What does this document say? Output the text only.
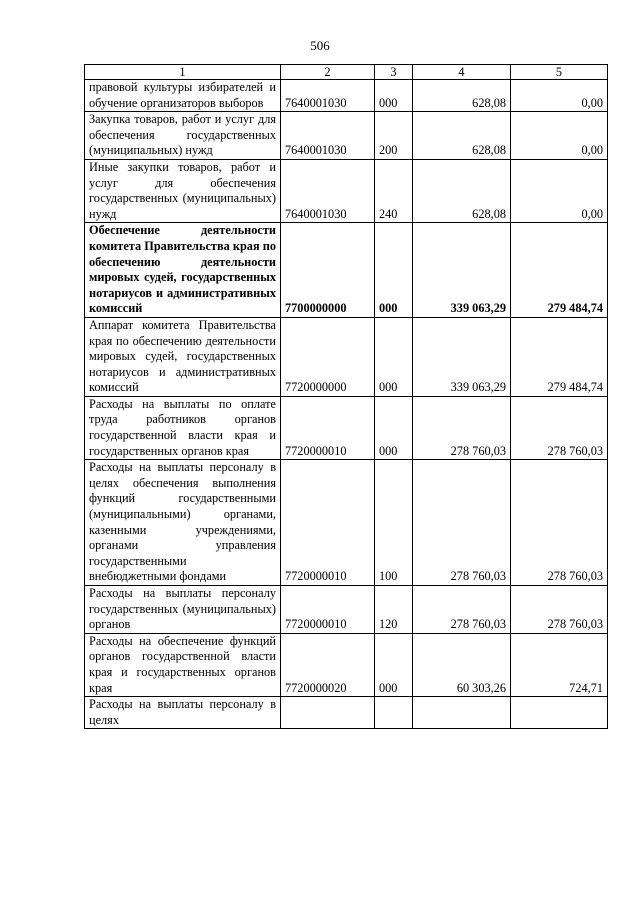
506
1	2	3	4	5
правовой культуры избирателей и обучение организаторов выборов	7640001030	000	628,08	0,00
Закупка товаров, работ и услуг для обеспечения государственных (муниципальных) нужд	7640001030	200	628,08	0,00
Иные закупки товаров, работ и услуг для обеспечения государственных (муниципальных) нужд	7640001030	240	628,08	0,00
Обеспечение деятельности комитета Правительства края по обеспечению деятельности мировых судей, государственных нотариусов и административных комиссий	7700000000	000	339 063,29	279 484,74
Аппарат комитета Правительства края по обеспечению деятельности мировых судей, государственных нотариусов и административных комиссий	7720000000	000	339 063,29	279 484,74
Расходы на выплаты по оплате труда работников органов государственной власти края и государственных органов края	7720000010	000	278 760,03	278 760,03
Расходы на выплаты персоналу в целях обеспечения выполнения функций государственными (муниципальными) органами, казенными учреждениями, органами управления государственными внебюджетными фондами	7720000010	100	278 760,03	278 760,03
Расходы на выплаты персоналу государственных (муниципальных) органов	7720000010	120	278 760,03	278 760,03
Расходы на обеспечение функций органов государственной власти края и государственных органов края	7720000020	000	60 303,26	724,71
Расходы на выплаты персоналу в целях				
